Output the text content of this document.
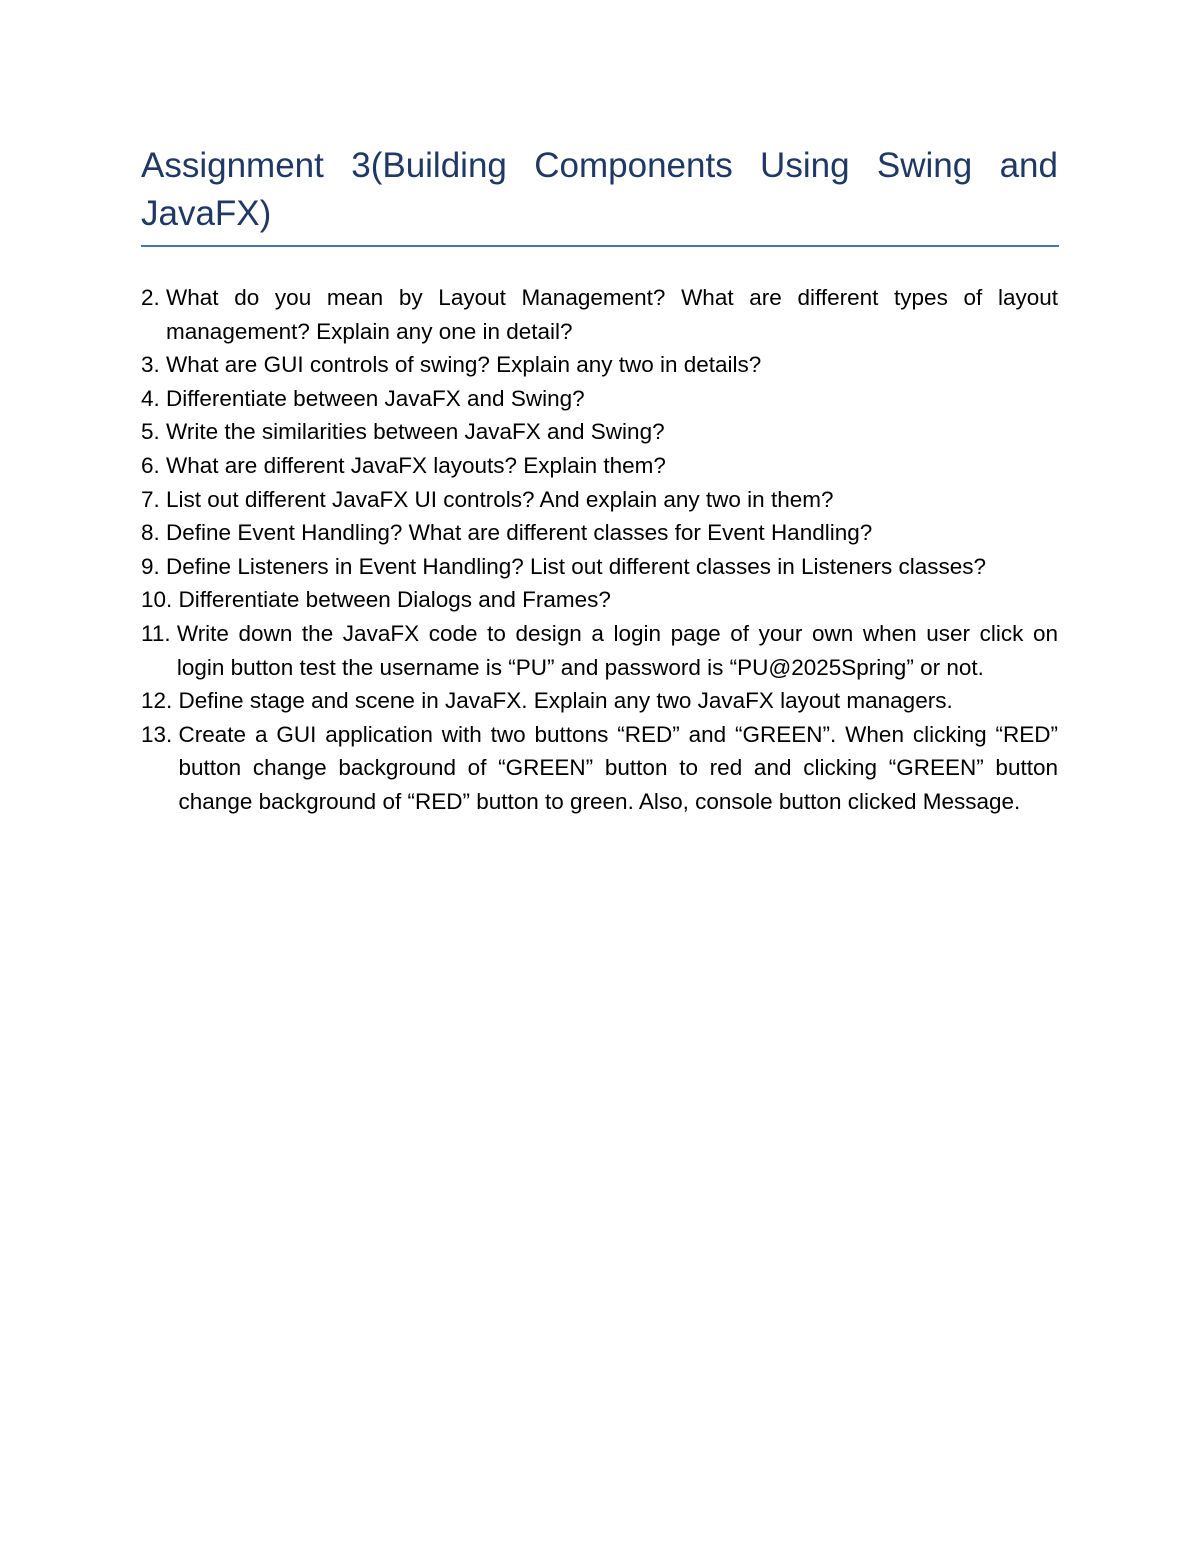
Assignment 3(Building Components Using Swing and JavaFX)
2. What do you mean by Layout Management? What are different types of layout management? Explain any one in detail?
3. What are GUI controls of swing? Explain any two in details?
4. Differentiate between JavaFX and Swing?
5. Write the similarities between JavaFX and Swing?
6. What are different JavaFX layouts? Explain them?
7. List out different JavaFX UI controls? And explain any two in them?
8. Define Event Handling? What are different classes for Event Handling?
9. Define Listeners in Event Handling? List out different classes in Listeners classes?
10. Differentiate between Dialogs and Frames?
11. Write down the JavaFX code to design a login page of your own when user click on login button test the username is “PU” and password is “PU@2025Spring” or not.
12. Define stage and scene in JavaFX. Explain any two JavaFX layout managers.
13. Create a GUI application with two buttons “RED” and “GREEN”. When clicking “RED” button change background of “GREEN” button to red and clicking “GREEN” button change background of “RED” button to green. Also, console button clicked Message.
